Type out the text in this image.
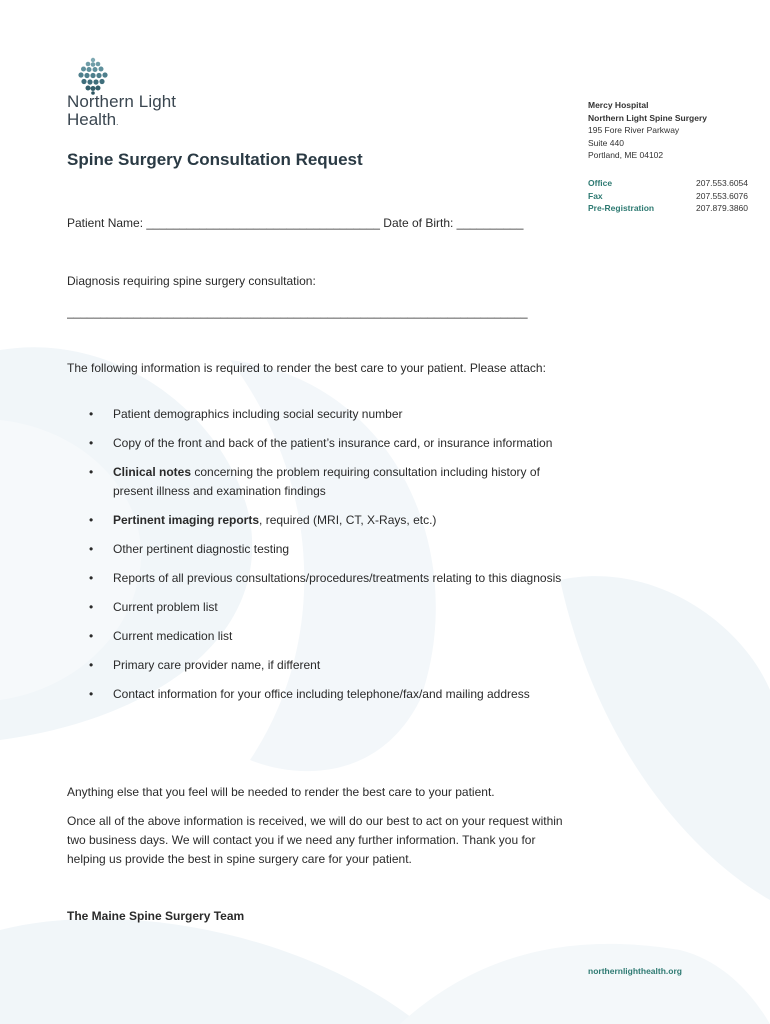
Northern Light
Health.
Mercy Hospital
Northern Light Spine Surgery
195 Fore River Parkway
Suite 440
Portland, ME 04102
Office	207.553.6054
Fax	207.553.6076
Pre-Registration	207.879.3860
Spine Surgery Consultation Request
Patient Name: ___________________________________ Date of Birth: __________
Diagnosis requiring spine surgery consultation:
_____________________________________________________________________
The following information is required to render the best care to your patient. Please attach:
• Patient demographics including social security number
• Copy of the front and back of the patient’s insurance card, or insurance information
• Clinical notes concerning the problem requiring consultation including history of present illness and examination findings
• Pertinent imaging reports, required (MRI, CT, X-Rays, etc.)
• Other pertinent diagnostic testing
• Reports of all previous consultations/procedures/treatments relating to this diagnosis
• Current problem list
• Current medication list
• Primary care provider name, if different
• Contact information for your office including telephone/fax/and mailing address
Anything else that you feel will be needed to render the best care to your patient.
Once all of the above information is received, we will do our best to act on your request within two business days. We will contact you if we need any further information. Thank you for helping us provide the best in spine surgery care for your patient.
The Maine Spine Surgery Team
northernlighthealth.org
